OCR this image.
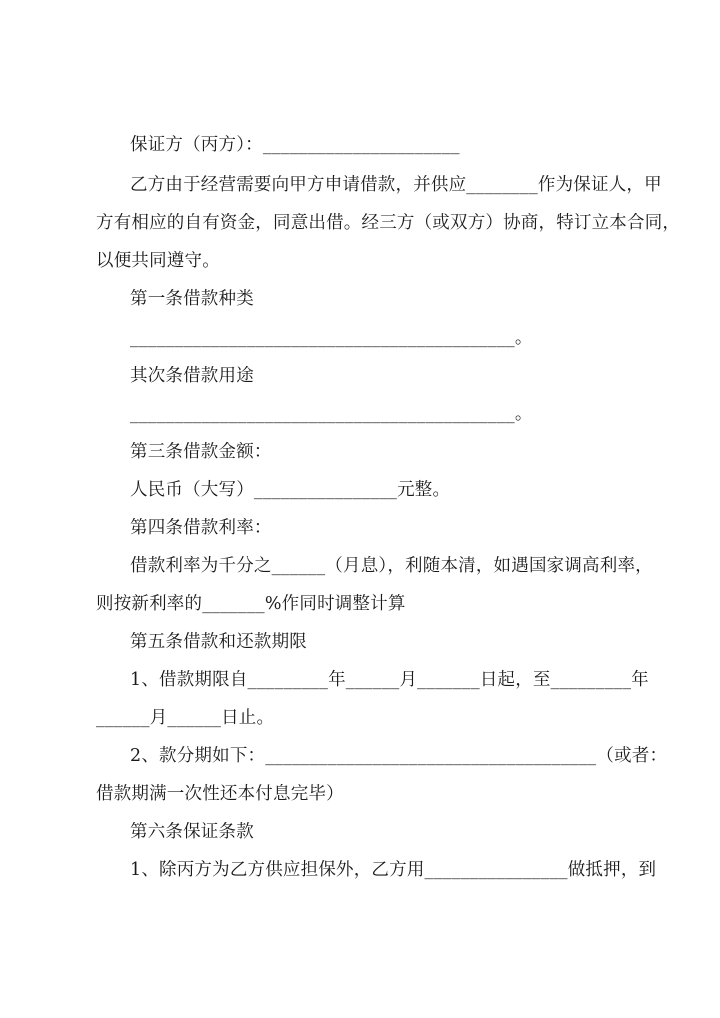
保证方（丙方）：______________________
乙方由于经营需要向甲方申请借款，并供应________作为保证人，甲
方有相应的自有资金，同意出借。经三方（或双方）协商，特订立本合同，
以便共同遵守。
第一条借款种类
___________________________________________。
其次条借款用途
___________________________________________。
第三条借款金额：
人民币（大写）________________元整。
第四条借款利率：
借款利率为千分之______（月息），利随本清，如遇国家调高利率，
则按新利率的_______%作同时调整计算
第五条借款和还款期限
1、借款期限自_________年______月_______日起，至_________年
______月______日止。
2、款分期如下：_____________________________________（或者：
借款期满一次性还本付息完毕）
第六条保证条款
1、除丙方为乙方供应担保外，乙方用________________做抵押，到
